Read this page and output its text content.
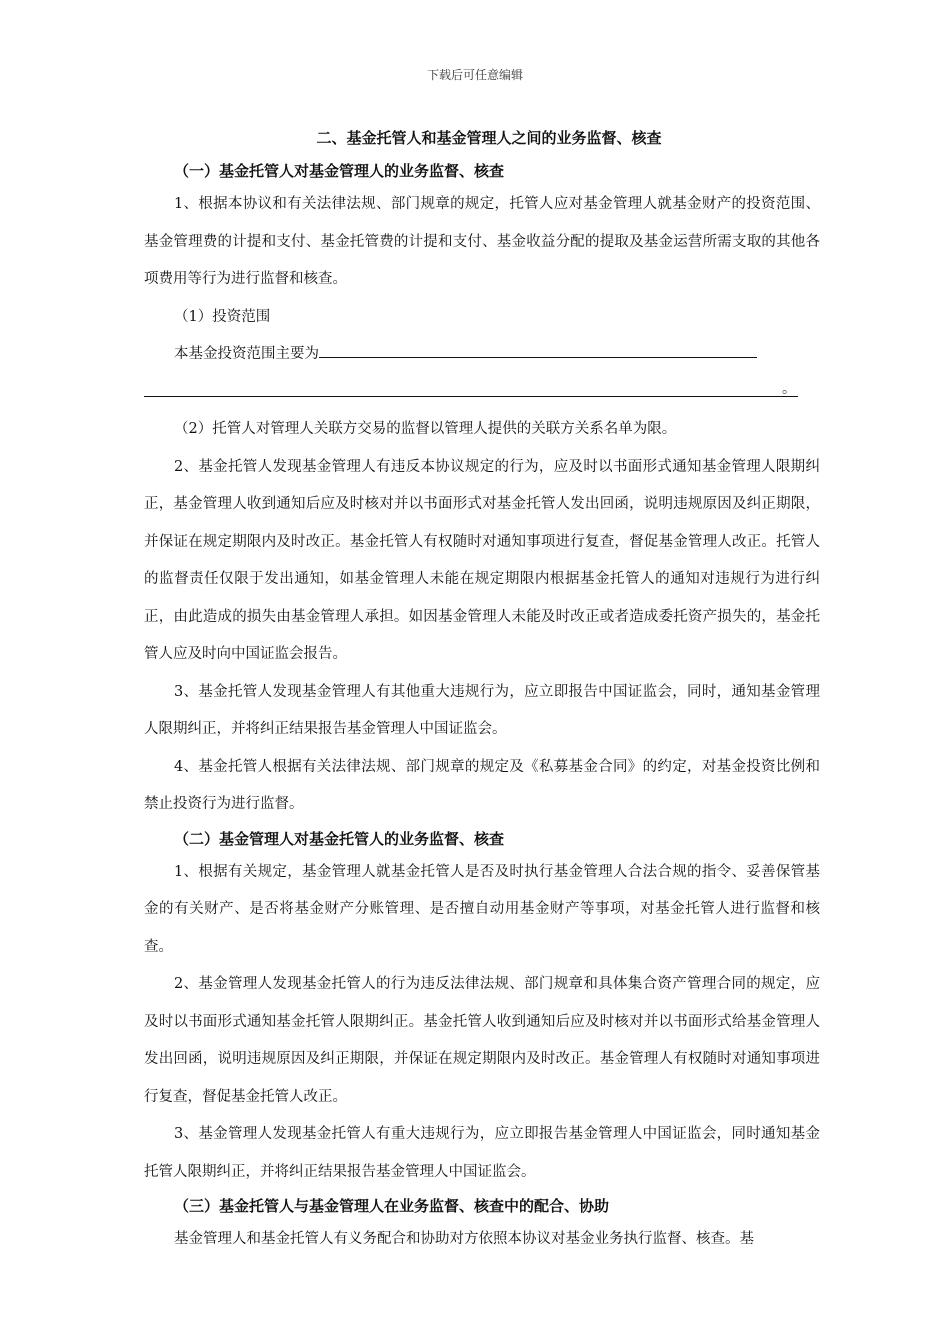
下载后可任意编辑
二、基金托管人和基金管理人之间的业务监督、核查
（一）基金托管人对基金管理人的业务监督、核查

1、根据本协议和有关法律法规、部门规章的规定，托管人应对基金管理人就基金财产的投资范围、基金管理费的计提和支付、基金托管费的计提和支付、基金收益分配的提取及基金运营所需支取的其他各项费用等行为进行监督和核查。

（1）投资范围

本基金投资范围主要为

。

（2）托管人对管理人关联方交易的监督以管理人提供的关联方关系名单为限。

2、基金托管人发现基金管理人有违反本协议规定的行为，应及时以书面形式通知基金管理人限期纠正，基金管理人收到通知后应及时核对并以书面形式对基金托管人发出回函，说明违规原因及纠正期限，并保证在规定期限内及时改正。基金托管人有权随时对通知事项进行复查，督促基金管理人改正。托管人的监督责任仅限于发出通知，如基金管理人未能在规定期限内根据基金托管人的通知对违规行为进行纠正，由此造成的损失由基金管理人承担。如因基金管理人未能及时改正或者造成委托资产损失的，基金托管人应及时向中国证监会报告。

3、基金托管人发现基金管理人有其他重大违规行为，应立即报告中国证监会，同时，通知基金管理人限期纠正，并将纠正结果报告基金管理人中国证监会。

4、基金托管人根据有关法律法规、部门规章的规定及《私募基金合同》的约定，对基金投资比例和禁止投资行为进行监督。

（二）基金管理人对基金托管人的业务监督、核查

1、根据有关规定，基金管理人就基金托管人是否及时执行基金管理人合法合规的指令、妥善保管基金的有关财产、是否将基金财产分账管理、是否擅自动用基金财产等事项，对基金托管人进行监督和核查。

2、基金管理人发现基金托管人的行为违反法律法规、部门规章和具体集合资产管理合同的规定，应及时以书面形式通知基金托管人限期纠正。基金托管人收到通知后应及时核对并以书面形式给基金管理人发出回函，说明违规原因及纠正期限，并保证在规定期限内及时改正。基金管理人有权随时对通知事项进行复查，督促基金托管人改正。

3、基金管理人发现基金托管人有重大违规行为，应立即报告基金管理人中国证监会，同时通知基金托管人限期纠正，并将纠正结果报告基金管理人中国证监会。

（三）基金托管人与基金管理人在业务监督、核查中的配合、协助

基金管理人和基金托管人有义务配合和协助对方依照本协议对基金业务执行监督、核查。基
